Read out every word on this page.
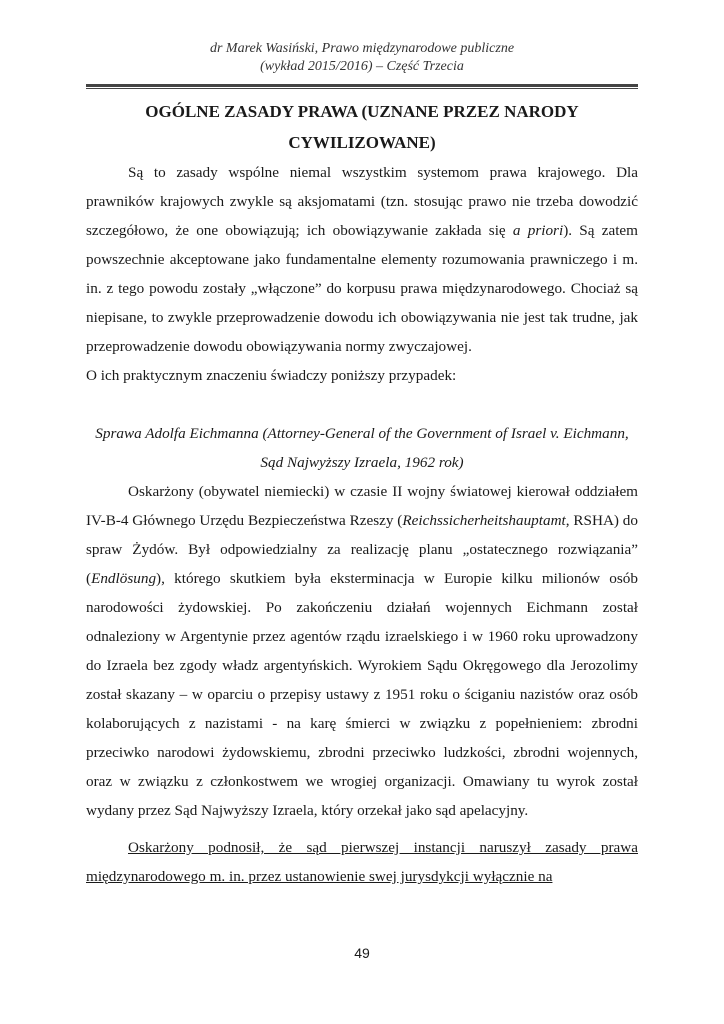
dr Marek Wasiński, Prawo międzynarodowe publiczne
(wykład 2015/2016) – Część Trzecia
OGÓLNE ZASADY PRAWA (UZNANE PRZEZ NARODY CYWILIZOWANE)

Są to zasady wspólne niemal wszystkim systemom prawa krajowego. Dla prawników krajowych zwykle są aksjomatami (tzn. stosując prawo nie trzeba dowodzić szczegółowo, że one obowiązują; ich obowiązywanie zakłada się a priori). Są zatem powszechnie akceptowane jako fundamentalne elementy rozumowania prawniczego i m. in. z tego powodu zostały „włączone” do korpusu prawa międzynarodowego. Chociaż są niepisane, to zwykle przeprowadzenie dowodu ich obowiązywania nie jest tak trudne, jak przeprowadzenie dowodu obowiązywania normy zwyczajowej.

O ich praktycznym znaczeniu świadczy poniższy przypadek:

Sprawa Adolfa Eichmanna (Attorney-General of the Government of Israel v. Eichmann, Sąd Najwyższy Izraela, 1962 rok)

Oskarżony (obywatel niemiecki) w czasie II wojny światowej kierował oddziałem IV-B-4 Głównego Urzędu Bezpieczeństwa Rzeszy (Reichssicherheitshauptamt, RSHA) do spraw Żydów. Był odpowiedzialny za realizację planu „ostatecznego rozwiązania” (Endlösung), którego skutkiem była eksterminacja w Europie kilku milionów osób narodowości żydowskiej. Po zakończeniu działań wojennych Eichmann został odnaleziony w Argentynie przez agentów rządu izraelskiego i w 1960 roku uprowadzony do Izraela bez zgody władz argentyńskich. Wyrokiem Sądu Okręgowego dla Jerozolimy został skazany – w oparciu o przepisy ustawy z 1951 roku o ściganiu nazistów oraz osób kolaborujących z nazistami - na karę śmierci w związku z popełnieniem: zbrodni przeciwko narodowi żydowskiemu, zbrodni przeciwko ludzkości, zbrodni wojennych, oraz w związku z członkostwem we wrogiej organizacji. Omawiany tu wyrok został wydany przez Sąd Najwyższy Izraela, który orzekał jako sąd apelacyjny.

Oskarżony podnosił, że sąd pierwszej instancji naruszył zasady prawa międzynarodowego m. in. przez ustanowienie swej jurysdykcji wyłącznie na

49
